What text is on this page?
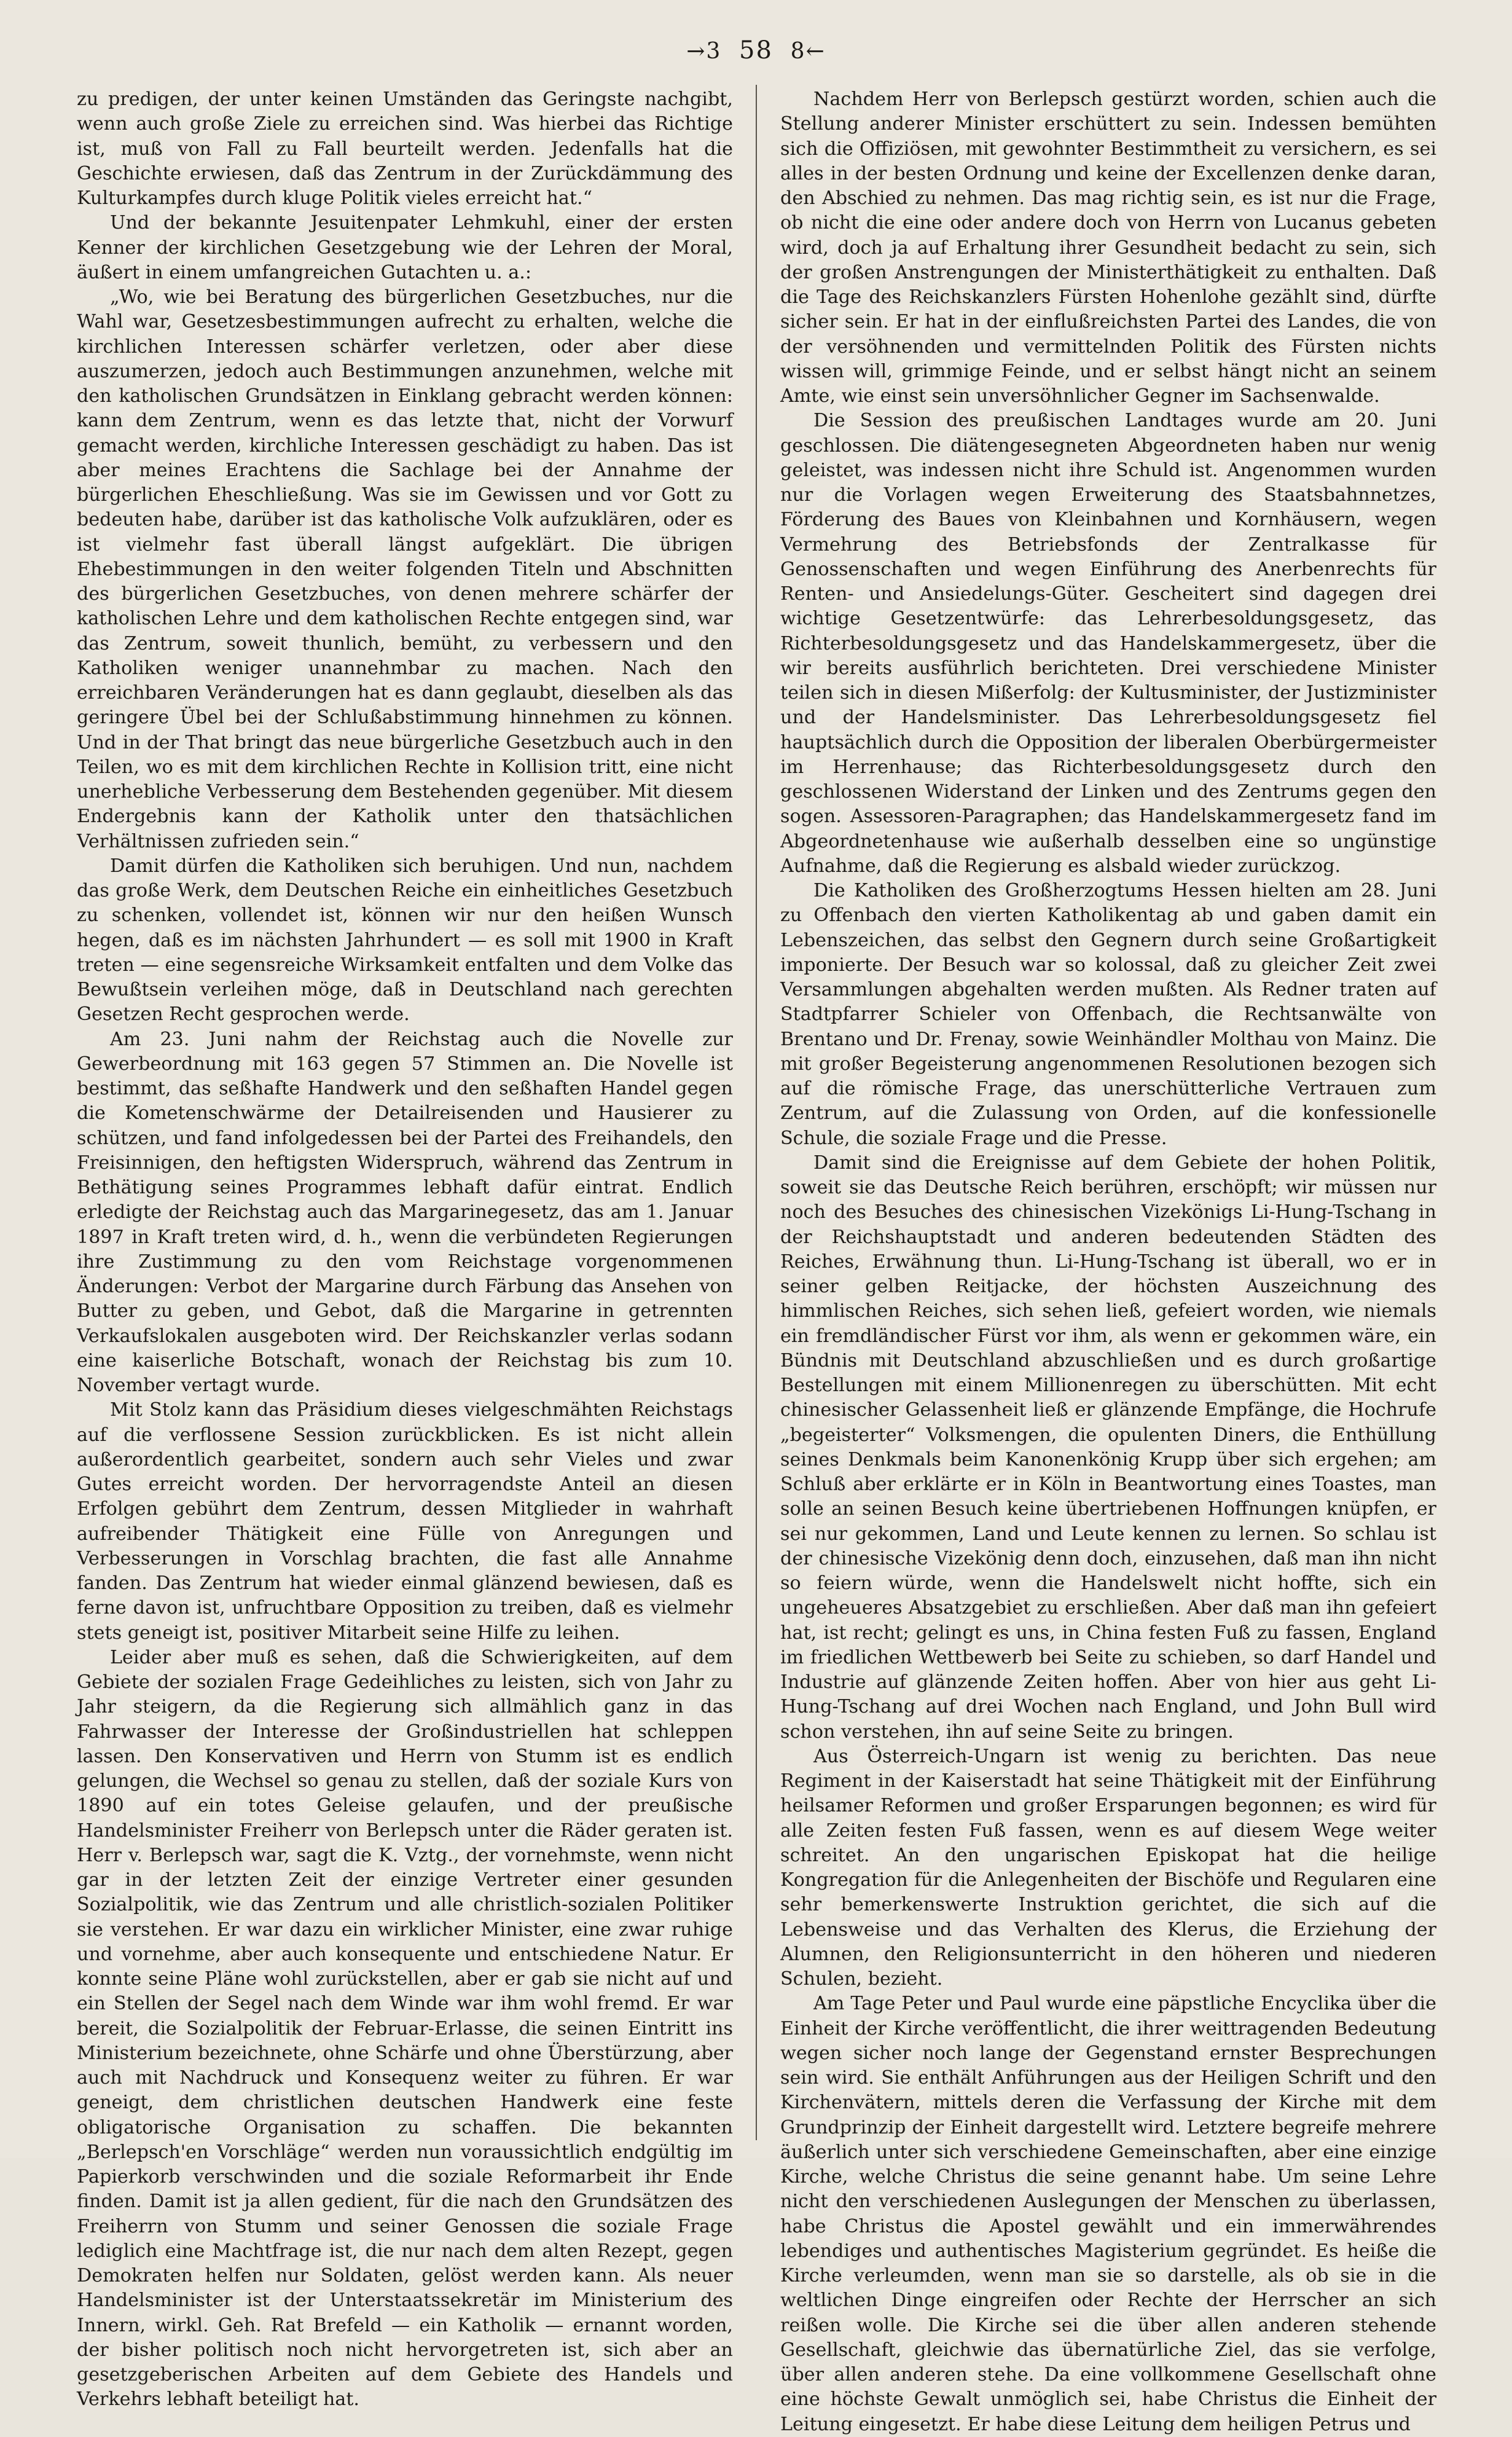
→3 58 8←

zu predigen, der unter keinen Umständen das Geringste nachgibt, wenn auch große Ziele zu erreichen sind. Was hierbei das Richtige ist, muß von Fall zu Fall beurteilt werden. Jedenfalls hat die Geschichte erwiesen, daß das Zentrum in der Zurückdämmung des Kulturkampfes durch kluge Politik vieles erreicht hat.“

Und der bekannte Jesuitenpater Lehmkuhl, einer der ersten Kenner der kirchlichen Gesetzgebung wie der Lehren der Moral, äußert in einem umfangreichen Gutachten u. a.:

„Wo, wie bei Beratung des bürgerlichen Gesetzbuches, nur die Wahl war, Gesetzesbestimmungen aufrecht zu erhalten, welche die kirchlichen Interessen schärfer verletzen, oder aber diese auszumerzen, jedoch auch Bestimmungen anzunehmen, welche mit den katholischen Grundsätzen in Einklang gebracht werden können: kann dem Zentrum, wenn es das letzte that, nicht der Vorwurf gemacht werden, kirchliche Interessen geschädigt zu haben. Das ist aber meines Erachtens die Sachlage bei der Annahme der bürgerlichen Eheschließung. Was sie im Gewissen und vor Gott zu bedeuten habe, darüber ist das katholische Volk aufzuklären, oder es ist vielmehr fast überall längst aufgeklärt. Die übrigen Ehebestimmungen in den weiter folgenden Titeln und Abschnitten des bürgerlichen Gesetzbuches, von denen mehrere schärfer der katholischen Lehre und dem katholischen Rechte entgegen sind, war das Zentrum, soweit thunlich, bemüht, zu verbessern und den Katholiken weniger unannehmbar zu machen. Nach den erreichbaren Veränderungen hat es dann geglaubt, dieselben als das geringere Übel bei der Schlußabstimmung hinnehmen zu können. Und in der That bringt das neue bürgerliche Gesetzbuch auch in den Teilen, wo es mit dem kirchlichen Rechte in Kollision tritt, eine nicht unerhebliche Verbesserung dem Bestehenden gegenüber. Mit diesem Endergebnis kann der Katholik unter den thatsächlichen Verhältnissen zufrieden sein.“

Damit dürfen die Katholiken sich beruhigen. Und nun, nachdem das große Werk, dem Deutschen Reiche ein einheitliches Gesetzbuch zu schenken, vollendet ist, können wir nur den heißen Wunsch hegen, daß es im nächsten Jahrhundert — es soll mit 1900 in Kraft treten — eine segensreiche Wirksamkeit entfalten und dem Volke das Bewußtsein verleihen möge, daß in Deutschland nach gerechten Gesetzen Recht gesprochen werde.

Am 23. Juni nahm der Reichstag auch die Novelle zur Gewerbeordnung mit 163 gegen 57 Stimmen an. Die Novelle ist bestimmt, das seßhafte Handwerk und den seßhaften Handel gegen die Kometenschwärme der Detailreisenden und Hausierer zu schützen, und fand infolgedessen bei der Partei des Freihandels, den Freisinnigen, den heftigsten Widerspruch, während das Zentrum in Bethätigung seines Programmes lebhaft dafür eintrat. Endlich erledigte der Reichstag auch das Margarinegesetz, das am 1. Januar 1897 in Kraft treten wird, d. h., wenn die verbündeten Regierungen ihre Zustimmung zu den vom Reichstage vorgenommenen Änderungen: Verbot der Margarine durch Färbung das Ansehen von Butter zu geben, und Gebot, daß die Margarine in getrennten Verkaufslokalen ausgeboten wird. Der Reichskanzler verlas sodann eine kaiserliche Botschaft, wonach der Reichstag bis zum 10. November vertagt wurde.

Mit Stolz kann das Präsidium dieses vielgeschmähten Reichstags auf die verflossene Session zurückblicken. Es ist nicht allein außerordentlich gearbeitet, sondern auch sehr Vieles und zwar Gutes erreicht worden. Der hervorragendste Anteil an diesen Erfolgen gebührt dem Zentrum, dessen Mitglieder in wahrhaft aufreibender Thätigkeit eine Fülle von Anregungen und Verbesserungen in Vorschlag brachten, die fast alle Annahme fanden. Das Zentrum hat wieder einmal glänzend bewiesen, daß es ferne davon ist, unfruchtbare Opposition zu treiben, daß es vielmehr stets geneigt ist, positiver Mitarbeit seine Hilfe zu leihen.

Leider aber muß es sehen, daß die Schwierigkeiten, auf dem Gebiete der sozialen Frage Gedeihliches zu leisten, sich von Jahr zu Jahr steigern, da die Regierung sich allmählich ganz in das Fahrwasser der Interesse der Großindustriellen hat schleppen lassen. Den Konservativen und Herrn von Stumm ist es endlich gelungen, die Wechsel so genau zu stellen, daß der soziale Kurs von 1890 auf ein totes Geleise gelaufen, und der preußische Handelsminister Freiherr von Berlepsch unter die Räder geraten ist. Herr v. Berlepsch war, sagt die K. Vztg., der vornehmste, wenn nicht gar in der letzten Zeit der einzige Vertreter einer gesunden Sozialpolitik, wie das Zentrum und alle christlich-sozialen Politiker sie verstehen. Er war dazu ein wirklicher Minister, eine zwar ruhige und vornehme, aber auch konsequente und entschiedene Natur. Er konnte seine Pläne wohl zurückstellen, aber er gab sie nicht auf und ein Stellen der Segel nach dem Winde war ihm wohl fremd. Er war bereit, die Sozialpolitik der Februar-Erlasse, die seinen Eintritt ins Ministerium bezeichnete, ohne Schärfe und ohne Überstürzung, aber auch mit Nachdruck und Konsequenz weiter zu führen. Er war geneigt, dem christlichen deutschen Handwerk eine feste obligatorische Organisation zu schaffen. Die bekannten „Berlepsch'en Vorschläge“ werden nun voraussichtlich endgültig im Papierkorb verschwinden und die soziale Reformarbeit ihr Ende finden. Damit ist ja allen gedient, für die nach den Grundsätzen des Freiherrn von Stumm und seiner Genossen die soziale Frage lediglich eine Machtfrage ist, die nur nach dem alten Rezept, gegen Demokraten helfen nur Soldaten, gelöst werden kann. Als neuer Handelsminister ist der Unterstaatssekretär im Ministerium des Innern, wirkl. Geh. Rat Brefeld — ein Katholik — ernannt worden, der bisher politisch noch nicht hervorgetreten ist, sich aber an gesetzgeberischen Arbeiten auf dem Gebiete des Handels und Verkehrs lebhaft beteiligt hat.

Nachdem Herr von Berlepsch gestürzt worden, schien auch die Stellung anderer Minister erschüttert zu sein. Indessen bemühten sich die Offiziösen, mit gewohnter Bestimmtheit zu versichern, es sei alles in der besten Ordnung und keine der Excellenzen denke daran, den Abschied zu nehmen. Das mag richtig sein, es ist nur die Frage, ob nicht die eine oder andere doch von Herrn von Lucanus gebeten wird, doch ja auf Erhaltung ihrer Gesundheit bedacht zu sein, sich der großen Anstrengungen der Ministerthätigkeit zu enthalten. Daß die Tage des Reichskanzlers Fürsten Hohenlohe gezählt sind, dürfte sicher sein. Er hat in der einflußreichsten Partei des Landes, die von der versöhnenden und vermittelnden Politik des Fürsten nichts wissen will, grimmige Feinde, und er selbst hängt nicht an seinem Amte, wie einst sein unversöhnlicher Gegner im Sachsenwalde.

Die Session des preußischen Landtages wurde am 20. Juni geschlossen. Die diätengesegneten Abgeordneten haben nur wenig geleistet, was indessen nicht ihre Schuld ist. Angenommen wurden nur die Vorlagen wegen Erweiterung des Staatsbahnnetzes, Förderung des Baues von Kleinbahnen und Kornhäusern, wegen Vermehrung des Betriebsfonds der Zentralkasse für Genossenschaften und wegen Einführung des Anerbenrechts für Renten- und Ansiedelungs-Güter. Gescheitert sind dagegen drei wichtige Gesetzentwürfe: das Lehrerbesoldungsgesetz, das Richterbesoldungsgesetz und das Handelskammergesetz, über die wir bereits ausführlich berichteten. Drei verschiedene Minister teilen sich in diesen Mißerfolg: der Kultusminister, der Justizminister und der Handelsminister. Das Lehrerbesoldungsgesetz fiel hauptsächlich durch die Opposition der liberalen Oberbürgermeister im Herrenhause; das Richterbesoldungsgesetz durch den geschlossenen Widerstand der Linken und des Zentrums gegen den sogen. Assessoren-Paragraphen; das Handelskammergesetz fand im Abgeordnetenhause wie außerhalb desselben eine so ungünstige Aufnahme, daß die Regierung es alsbald wieder zurückzog.

Die Katholiken des Großherzogtums Hessen hielten am 28. Juni zu Offenbach den vierten Katholikentag ab und gaben damit ein Lebenszeichen, das selbst den Gegnern durch seine Großartigkeit imponierte. Der Besuch war so kolossal, daß zu gleicher Zeit zwei Versammlungen abgehalten werden mußten. Als Redner traten auf Stadtpfarrer Schieler von Offenbach, die Rechtsanwälte von Brentano und Dr. Frenay, sowie Weinhändler Molthau von Mainz. Die mit großer Begeisterung angenommenen Resolutionen bezogen sich auf die römische Frage, das unerschütterliche Vertrauen zum Zentrum, auf die Zulassung von Orden, auf die konfessionelle Schule, die soziale Frage und die Presse.

Damit sind die Ereignisse auf dem Gebiete der hohen Politik, soweit sie das Deutsche Reich berühren, erschöpft; wir müssen nur noch des Besuches des chinesischen Vizekönigs Li-Hung-Tschang in der Reichshauptstadt und anderen bedeutenden Städten des Reiches, Erwähnung thun. Li-Hung-Tschang ist überall, wo er in seiner gelben Reitjacke, der höchsten Auszeichnung des himmlischen Reiches, sich sehen ließ, gefeiert worden, wie niemals ein fremdländischer Fürst vor ihm, als wenn er gekommen wäre, ein Bündnis mit Deutschland abzuschließen und es durch großartige Bestellungen mit einem Millionenregen zu überschütten. Mit echt chinesischer Gelassenheit ließ er glänzende Empfänge, die Hochrufe „begeisterter“ Volksmengen, die opulenten Diners, die Enthüllung seines Denkmals beim Kanonenkönig Krupp über sich ergehen; am Schluß aber erklärte er in Köln in Beantwortung eines Toastes, man solle an seinen Besuch keine übertriebenen Hoffnungen knüpfen, er sei nur gekommen, Land und Leute kennen zu lernen. So schlau ist der chinesische Vizekönig denn doch, einzusehen, daß man ihn nicht so feiern würde, wenn die Handelswelt nicht hoffte, sich ein ungeheueres Absatzgebiet zu erschließen. Aber daß man ihn gefeiert hat, ist recht; gelingt es uns, in China festen Fuß zu fassen, England im friedlichen Wettbewerb bei Seite zu schieben, so darf Handel und Industrie auf glänzende Zeiten hoffen. Aber von hier aus geht Li-Hung-Tschang auf drei Wochen nach England, und John Bull wird schon verstehen, ihn auf seine Seite zu bringen.

Aus Österreich-Ungarn ist wenig zu berichten. Das neue Regiment in der Kaiserstadt hat seine Thätigkeit mit der Einführung heilsamer Reformen und großer Ersparungen begonnen; es wird für alle Zeiten festen Fuß fassen, wenn es auf diesem Wege weiter schreitet. An den ungarischen Episkopat hat die heilige Kongregation für die Anlegenheiten der Bischöfe und Regularen eine sehr bemerkenswerte Instruktion gerichtet, die sich auf die Lebensweise und das Verhalten des Klerus, die Erziehung der Alumnen, den Religionsunterricht in den höheren und niederen Schulen, bezieht.

Am Tage Peter und Paul wurde eine päpstliche Encyclika über die Einheit der Kirche veröffentlicht, die ihrer weittragenden Bedeutung wegen sicher noch lange der Gegenstand ernster Besprechungen sein wird. Sie enthält Anführungen aus der Heiligen Schrift und den Kirchenvätern, mittels deren die Verfassung der Kirche mit dem Grundprinzip der Einheit dargestellt wird. Letztere begreife mehrere äußerlich unter sich verschiedene Gemeinschaften, aber eine einzige Kirche, welche Christus die seine genannt habe. Um seine Lehre nicht den verschiedenen Auslegungen der Menschen zu überlassen, habe Christus die Apostel gewählt und ein immerwährendes lebendiges und authentisches Magisterium gegründet. Es heiße die Kirche verleumden, wenn man sie so darstelle, als ob sie in die weltlichen Dinge eingreifen oder Rechte der Herrscher an sich reißen wolle. Die Kirche sei die über allen anderen stehende Gesellschaft, gleichwie das übernatürliche Ziel, das sie verfolge, über allen anderen stehe. Da eine vollkommene Gesellschaft ohne eine höchste Gewalt unmöglich sei, habe Christus die Einheit der Leitung eingesetzt. Er habe diese Leitung dem heiligen Petrus und
